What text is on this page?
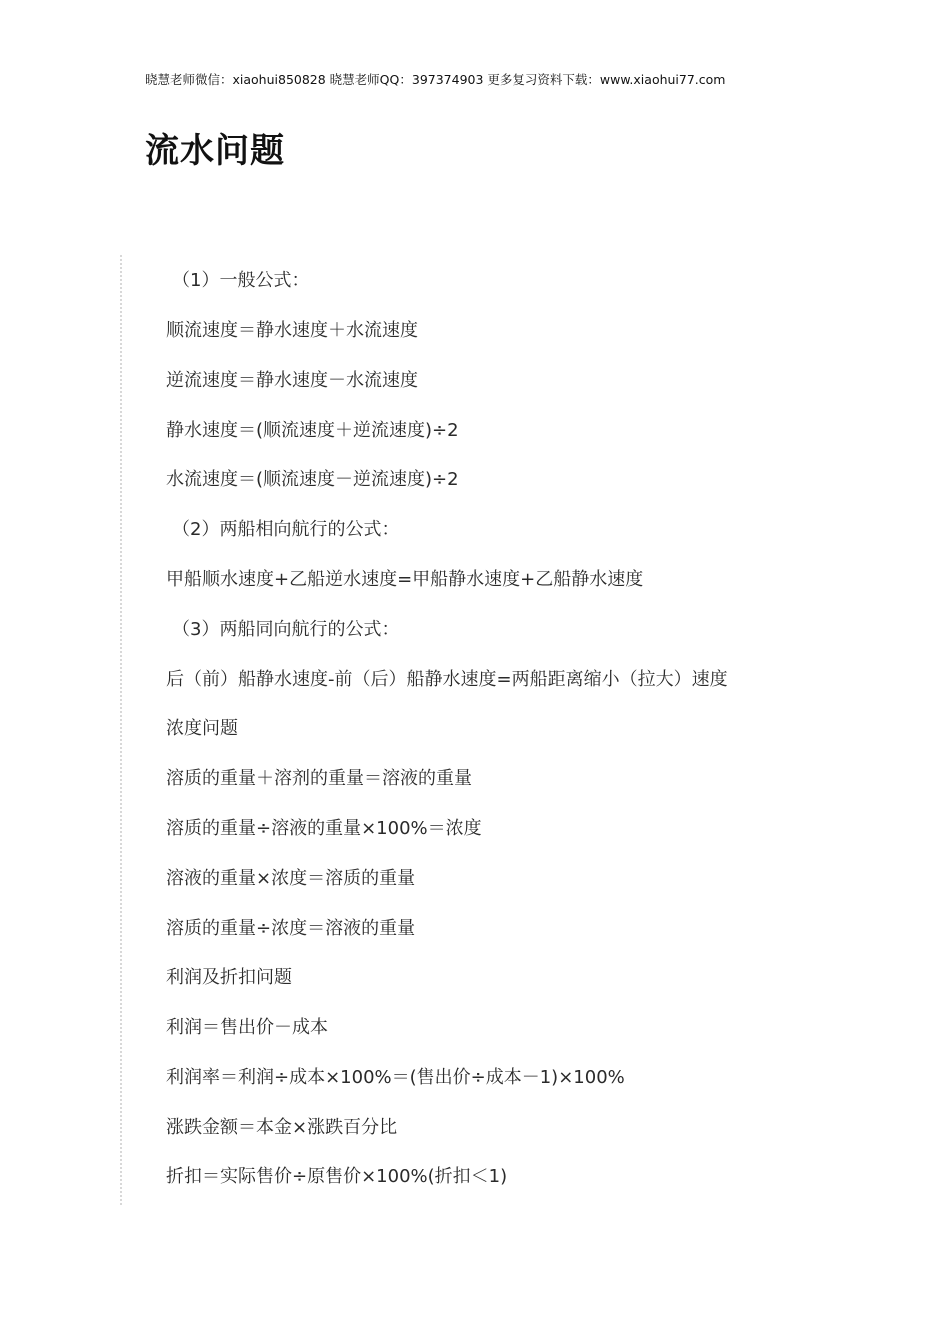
晓慧老师微信：xiaohui850828 晓慧老师QQ：397374903 更多复习资料下载：www.xiaohui77.com
流水问题
（1）一般公式：
顺流速度＝静水速度＋水流速度
逆流速度＝静水速度－水流速度
静水速度＝(顺流速度＋逆流速度)÷2
水流速度＝(顺流速度－逆流速度)÷2
（2）两船相向航行的公式：
甲船顺水速度+乙船逆水速度=甲船静水速度+乙船静水速度
（3）两船同向航行的公式：
后（前）船静水速度-前（后）船静水速度=两船距离缩小（拉大）速度
浓度问题
溶质的重量＋溶剂的重量＝溶液的重量
溶质的重量÷溶液的重量×100%＝浓度
溶液的重量×浓度＝溶质的重量
溶质的重量÷浓度＝溶液的重量
利润及折扣问题
利润＝售出价－成本
利润率＝利润÷成本×100%＝(售出价÷成本－1)×100%
涨跌金额＝本金×涨跌百分比
折扣＝实际售价÷原售价×100%(折扣＜1)
